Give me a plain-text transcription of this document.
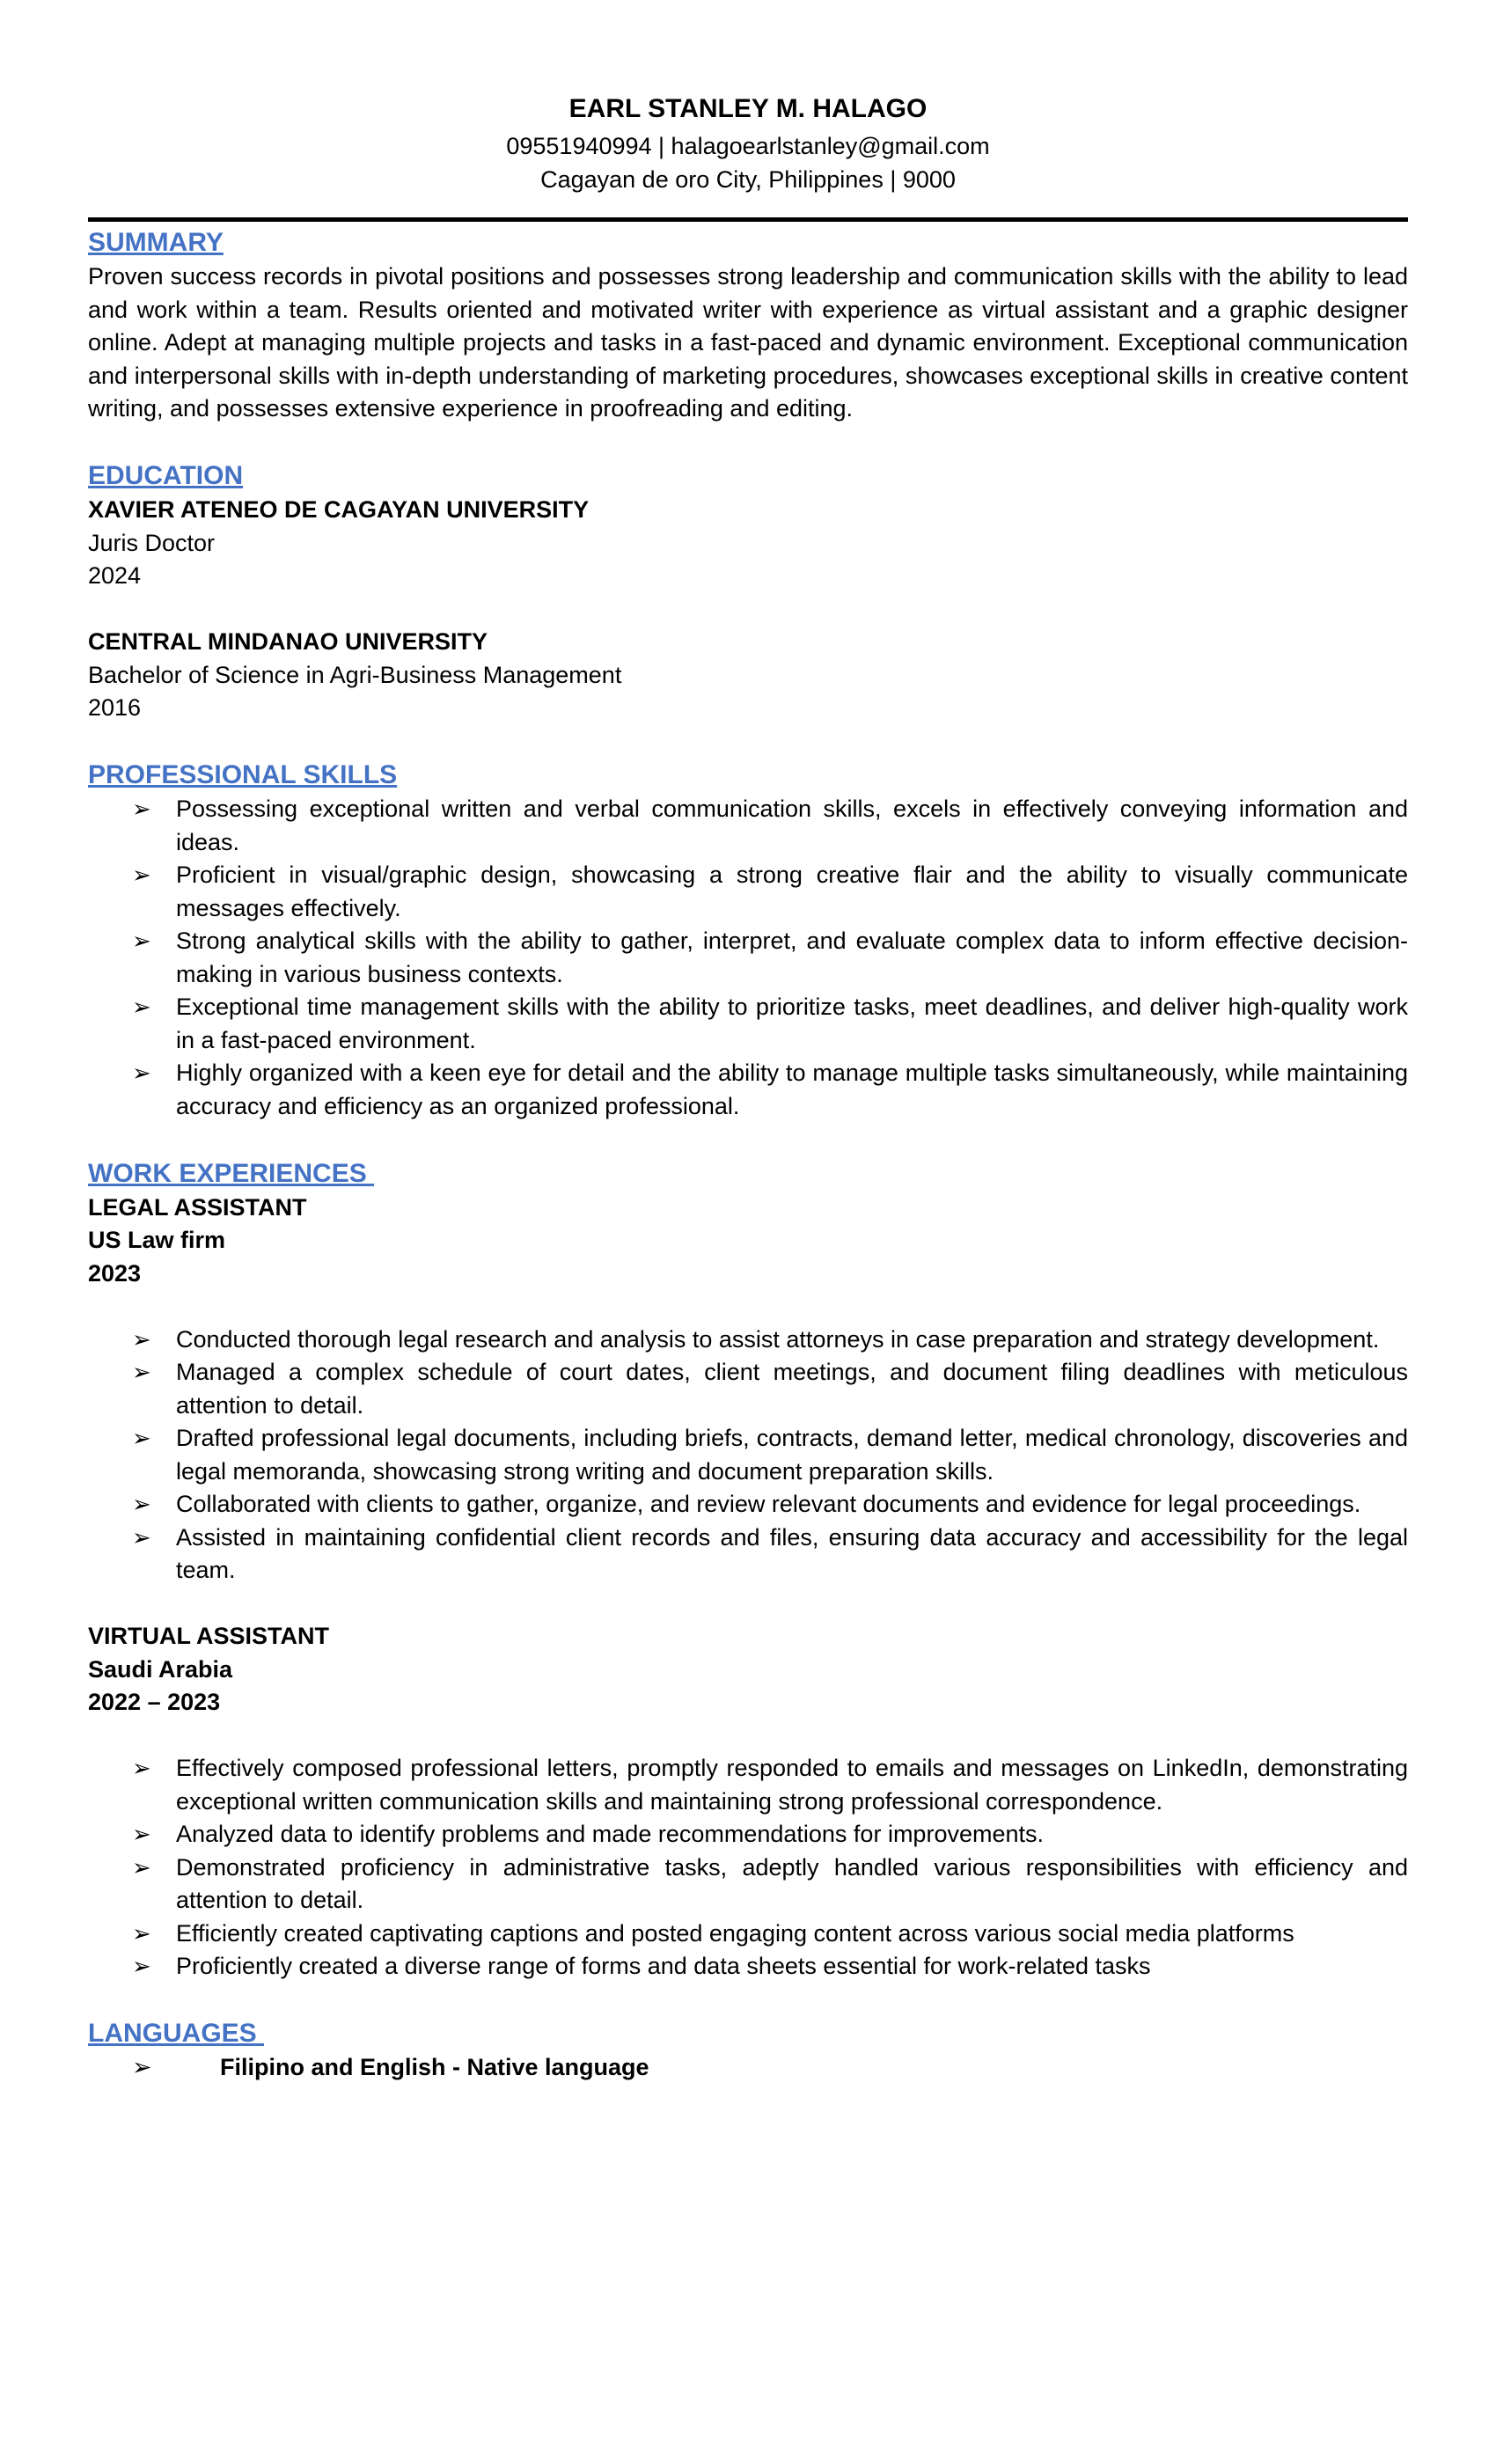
EARL STANLEY M. HALAGO
09551940994 | halagoearlstanley@gmail.com
Cagayan de oro City, Philippines | 9000
SUMMARY
Proven success records in pivotal positions and possesses strong leadership and communication skills with the ability to lead and work within a team. Results oriented and motivated writer with experience as virtual assistant and a graphic designer online. Adept at managing multiple projects and tasks in a fast-paced and dynamic environment. Exceptional communication and interpersonal skills with in-depth understanding of marketing procedures, showcases exceptional skills in creative content writing, and possesses extensive experience in proofreading and editing.
EDUCATION
XAVIER ATENEO DE CAGAYAN UNIVERSITY
Juris Doctor
2024
CENTRAL MINDANAO UNIVERSITY
Bachelor of Science in Agri-Business Management
2016
PROFESSIONAL SKILLS
➢ Possessing exceptional written and verbal communication skills, excels in effectively conveying information and ideas.
➢ Proficient in visual/graphic design, showcasing a strong creative flair and the ability to visually communicate messages effectively.
➢ Strong analytical skills with the ability to gather, interpret, and evaluate complex data to inform effective decision-making in various business contexts.
➢ Exceptional time management skills with the ability to prioritize tasks, meet deadlines, and deliver high-quality work in a fast-paced environment.
➢ Highly organized with a keen eye for detail and the ability to manage multiple tasks simultaneously, while maintaining accuracy and efficiency as an organized professional.
WORK EXPERIENCES
LEGAL ASSISTANT
US Law firm
2023
➢ Conducted thorough legal research and analysis to assist attorneys in case preparation and strategy development.
➢ Managed a complex schedule of court dates, client meetings, and document filing deadlines with meticulous attention to detail.
➢ Drafted professional legal documents, including briefs, contracts, demand letter, medical chronology, discoveries and legal memoranda, showcasing strong writing and document preparation skills.
➢ Collaborated with clients to gather, organize, and review relevant documents and evidence for legal proceedings.
➢ Assisted in maintaining confidential client records and files, ensuring data accuracy and accessibility for the legal team.
VIRTUAL ASSISTANT
Saudi Arabia
2022 – 2023
➢ Effectively composed professional letters, promptly responded to emails and messages on LinkedIn, demonstrating exceptional written communication skills and maintaining strong professional correspondence.
➢ Analyzed data to identify problems and made recommendations for improvements.
➢ Demonstrated proficiency in administrative tasks, adeptly handled various responsibilities with efficiency and attention to detail.
➢ Efficiently created captivating captions and posted engaging content across various social media platforms
➢ Proficiently created a diverse range of forms and data sheets essential for work-related tasks
LANGUAGES
➢	Filipino and English - Native language
